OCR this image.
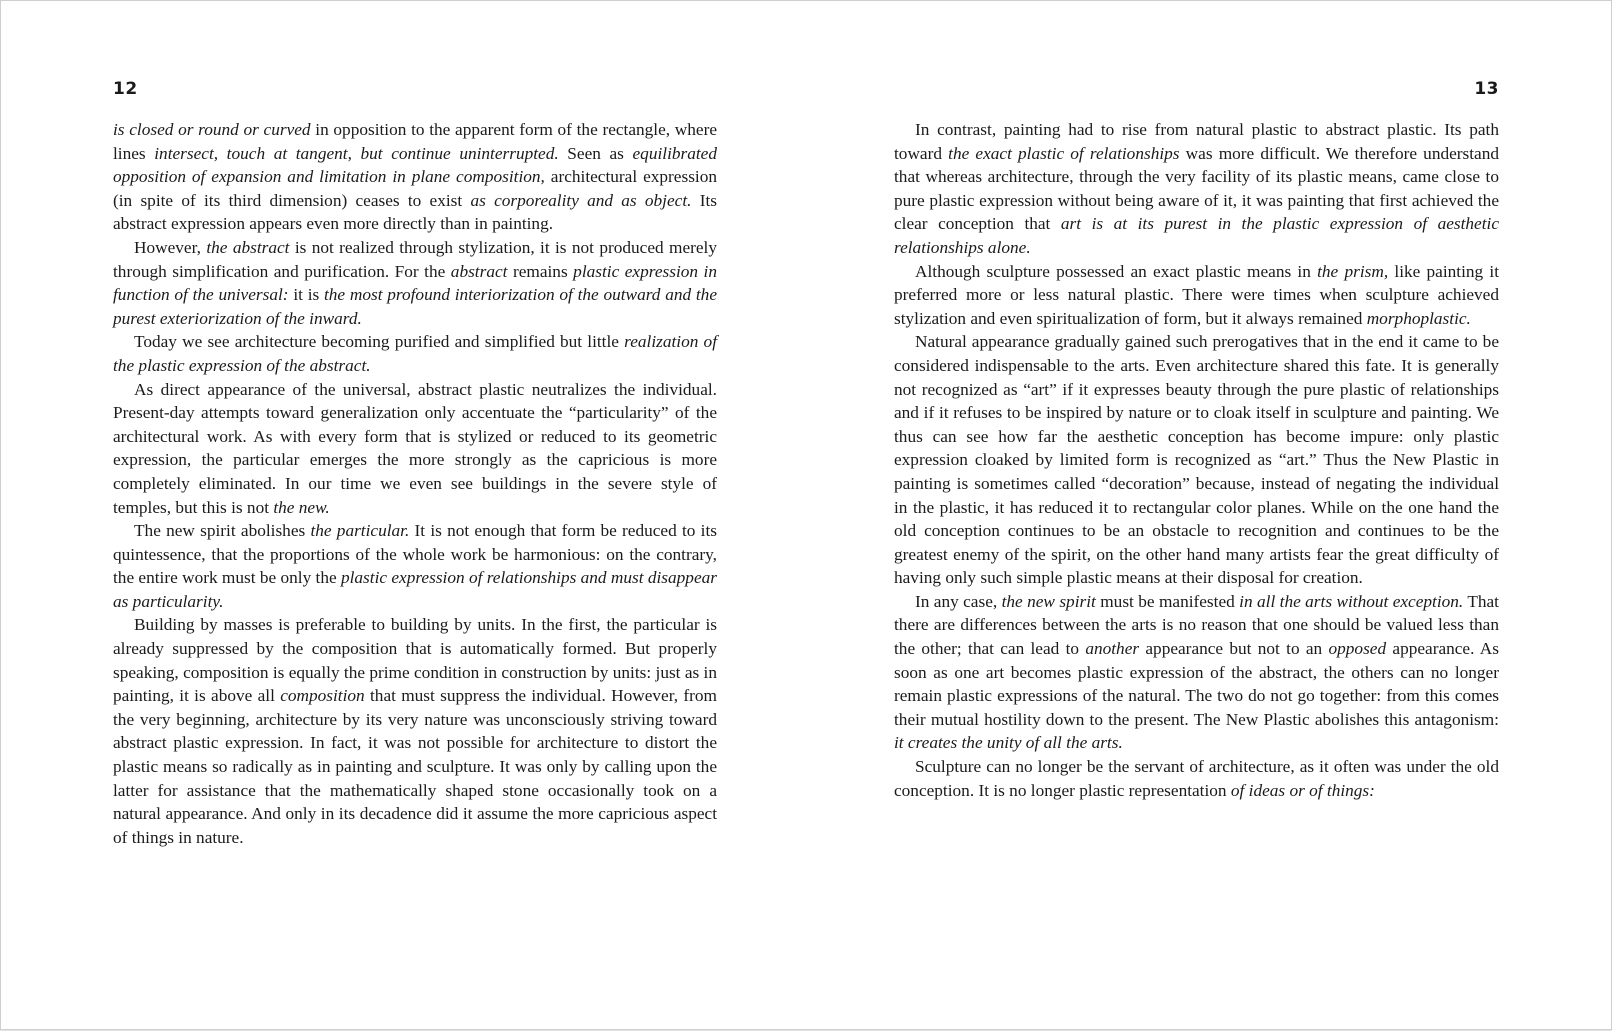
12

is closed or round or curved in opposition to the apparent form of the rectangle, where lines intersect, touch at tangent, but continue uninterrupted. Seen as equilibrated opposition of expansion and limitation in plane composition, architectural expression (in spite of its third dimension) ceases to exist as corporeality and as object. Its abstract expression appears even more directly than in painting.

However, the abstract is not realized through stylization, it is not produced merely through simplification and purification. For the abstract remains plastic expression in function of the universal: it is the most profound interiorization of the outward and the purest exteriorization of the inward.

Today we see architecture becoming purified and simplified but little realization of the plastic expression of the abstract.

As direct appearance of the universal, abstract plastic neutralizes the individual. Present-day attempts toward generalization only accentuate the “particularity” of the architectural work. As with every form that is stylized or reduced to its geometric expression, the particular emerges the more strongly as the capricious is more completely eliminated. In our time we even see buildings in the severe style of temples, but this is not the new.

The new spirit abolishes the particular. It is not enough that form be reduced to its quintessence, that the proportions of the whole work be harmonious: on the contrary, the entire work must be only the plastic expression of relationships and must disappear as particularity.

Building by masses is preferable to building by units. In the first, the particular is already suppressed by the composition that is automatically formed. But properly speaking, composition is equally the prime condition in construction by units: just as in painting, it is above all composition that must suppress the individual. However, from the very beginning, architecture by its very nature was unconsciously striving toward abstract plastic expression. In fact, it was not possible for architecture to distort the plastic means so radically as in painting and sculpture. It was only by calling upon the latter for assistance that the mathematically shaped stone occasionally took on a natural appearance. And only in its decadence did it assume the more capricious aspect of things in nature.

13

In contrast, painting had to rise from natural plastic to abstract plastic. Its path toward the exact plastic of relationships was more difficult. We therefore understand that whereas architecture, through the very facility of its plastic means, came close to pure plastic expression without being aware of it, it was painting that first achieved the clear conception that art is at its purest in the plastic expression of aesthetic relationships alone.

Although sculpture possessed an exact plastic means in the prism, like painting it preferred more or less natural plastic. There were times when sculpture achieved stylization and even spiritualization of form, but it always remained morphoplastic.

Natural appearance gradually gained such prerogatives that in the end it came to be considered indispensable to the arts. Even architecture shared this fate. It is generally not recognized as “art” if it expresses beauty through the pure plastic of relationships and if it refuses to be inspired by nature or to cloak itself in sculpture and painting. We thus can see how far the aesthetic conception has become impure: only plastic expression cloaked by limited form is recognized as “art.” Thus the New Plastic in painting is sometimes called “decoration” because, instead of negating the individual in the plastic, it has reduced it to rectangular color planes. While on the one hand the old conception continues to be an obstacle to recognition and continues to be the greatest enemy of the spirit, on the other hand many artists fear the great difficulty of having only such simple plastic means at their disposal for creation.

In any case, the new spirit must be manifested in all the arts without exception. That there are differences between the arts is no reason that one should be valued less than the other; that can lead to another appearance but not to an opposed appearance. As soon as one art becomes plastic expression of the abstract, the others can no longer remain plastic expressions of the natural. The two do not go together: from this comes their mutual hostility down to the present. The New Plastic abolishes this antagonism: it creates the unity of all the arts.

Sculpture can no longer be the servant of architecture, as it often was under the old conception. It is no longer plastic representation of ideas or of things:
